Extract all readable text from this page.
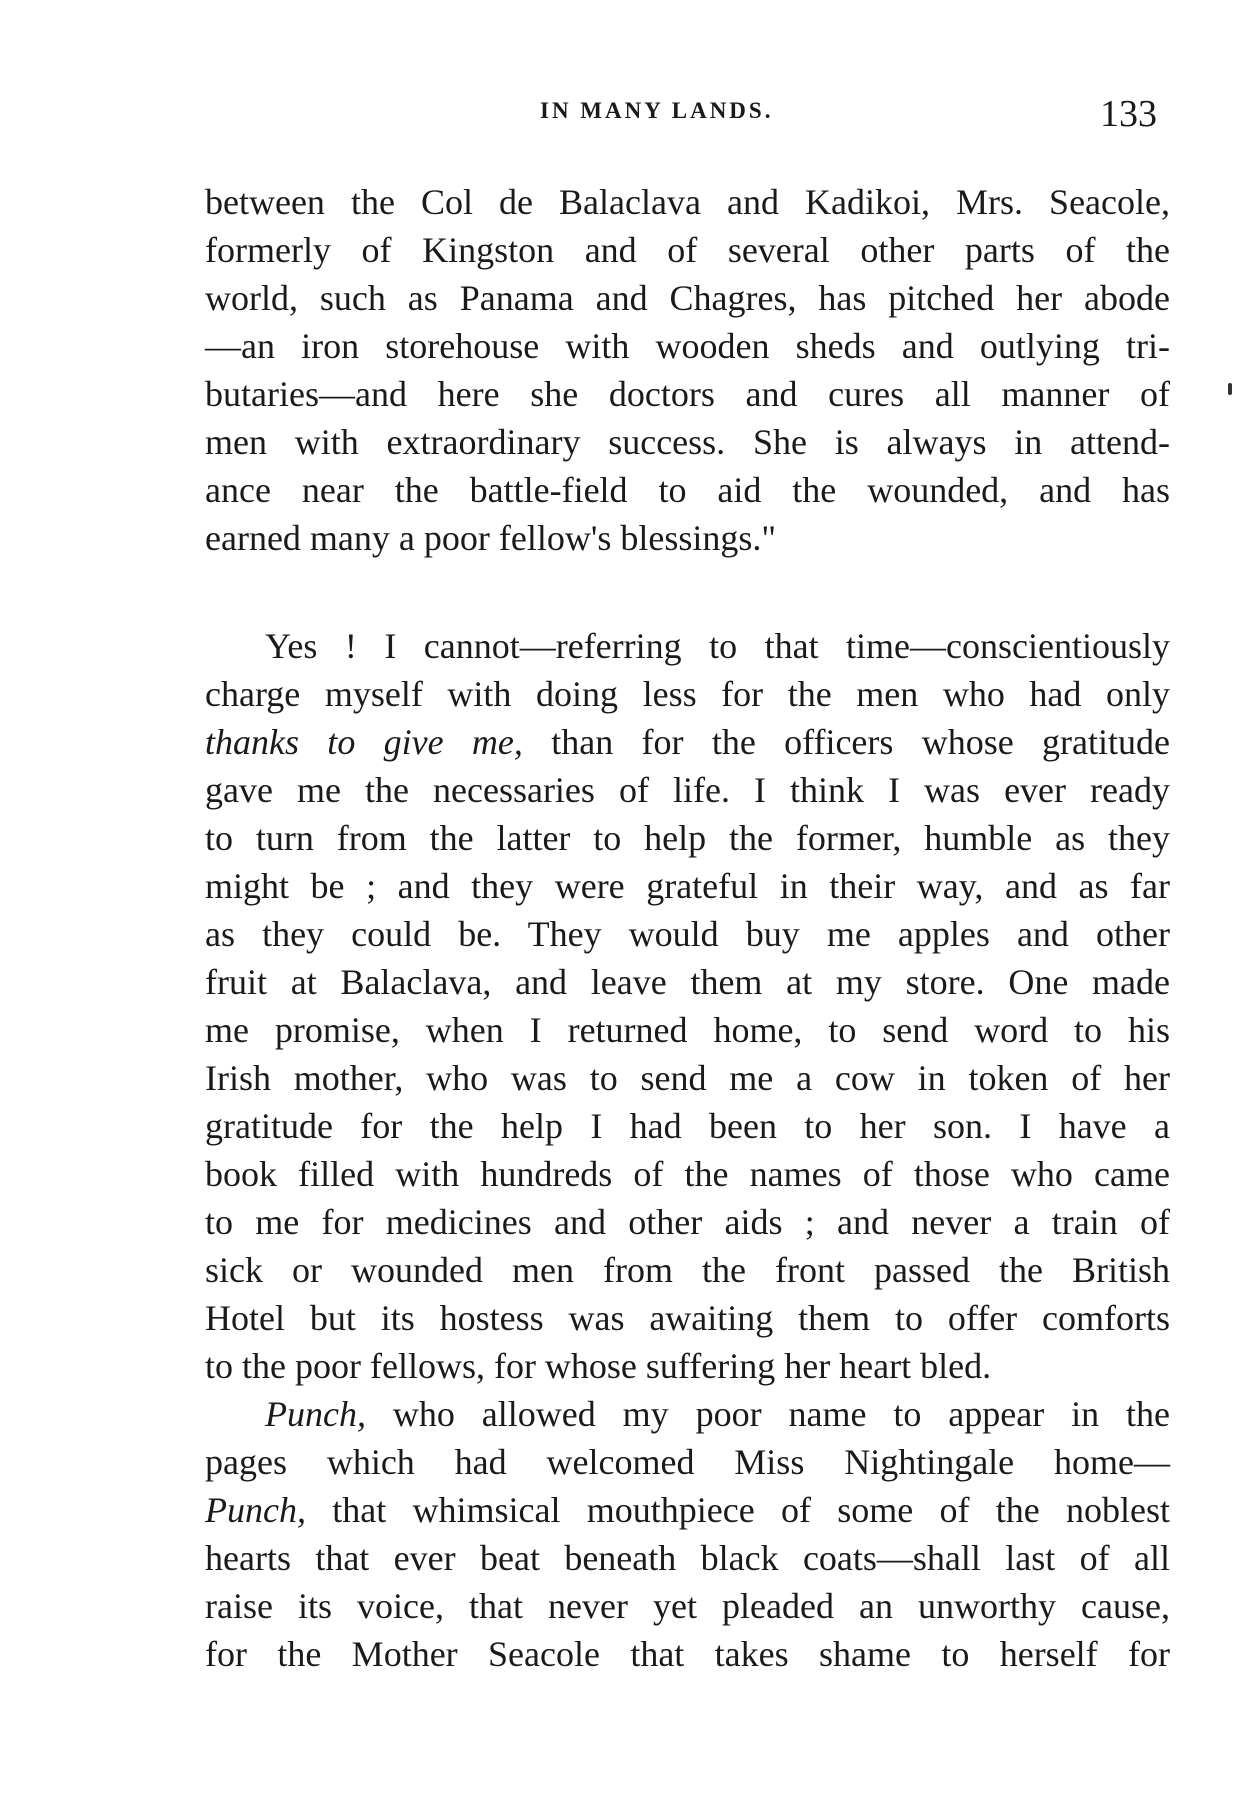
IN MANY LANDS.	133
between the Col de Balaclava and Kadikoi, Mrs. Seacole,
formerly of Kingston and of several other parts of the
world, such as Panama and Chagres, has pitched her abode
—an iron storehouse with wooden sheds and outlying tri-
butaries—and here she doctors and cures all manner of
men with extraordinary success. She is always in attend-
ance near the battle-field to aid the wounded, and has
earned many a poor fellow's blessings."
Yes ! I cannot—referring to that time—conscientiously
charge myself with doing less for the men who had only
thanks to give me, than for the officers whose gratitude
gave me the necessaries of life. I think I was ever ready
to turn from the latter to help the former, humble as they
might be ; and they were grateful in their way, and as far
as they could be. They would buy me apples and other
fruit at Balaclava, and leave them at my store. One made
me promise, when I returned home, to send word to his
Irish mother, who was to send me a cow in token of her
gratitude for the help I had been to her son. I have a
book filled with hundreds of the names of those who came
to me for medicines and other aids ; and never a train of
sick or wounded men from the front passed the British
Hotel but its hostess was awaiting them to offer comforts
to the poor fellows, for whose suffering her heart bled.
Punch, who allowed my poor name to appear in the
pages which had welcomed Miss Nightingale home—
Punch, that whimsical mouthpiece of some of the noblest
hearts that ever beat beneath black coats—shall last of all
raise its voice, that never yet pleaded an unworthy cause,
for the Mother Seacole that takes shame to herself for
